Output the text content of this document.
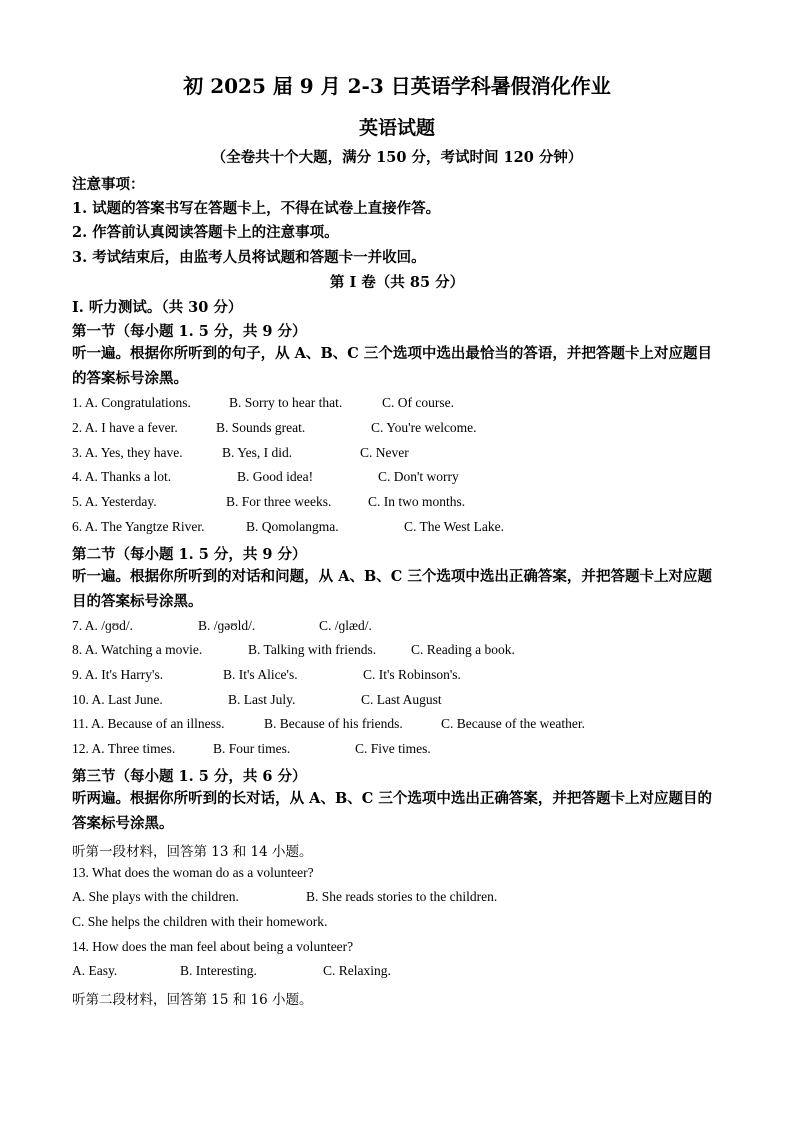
初 2025 届 9 月 2-3 日英语学科暑假消化作业
英语试题
（全卷共十个大题，满分 150 分，考试时间 120 分钟）
注意事项：
1. 试题的答案书写在答题卡上，不得在试卷上直接作答。
2. 作答前认真阅读答题卡上的注意事项。
3. 考试结束后，由监考人员将试题和答题卡一并收回。
第 I 卷（共 85 分）
I. 听力测试。（共 30 分）
第一节（每小题 1. 5 分，共 9 分）
听一遍。根据你所听到的句子，从 A、B、C 三个选项中选出最恰当的答语，并把答题卡上对应题目的答案标号涂黑。
1. A. Congratulations.	B. Sorry to hear that.	C. Of course.
2. A. I have a fever.	B. Sounds great.	C. You're welcome.
3. A. Yes, they have.	B. Yes, I did.	C. Never
4. A. Thanks a lot.	B. Good idea!	C. Don't worry
5. A. Yesterday.	B. For three weeks.	C. In two months.
6. A. The Yangtze River.	B. Qomolangma.	C. The West Lake.
第二节（每小题 1. 5 分，共 9 分）
听一遍。根据你所听到的对话和问题，从 A、B、C 三个选项中选出正确答案，并把答题卡上对应题目的答案标号涂黑。
7. A. /ɡʊd/.	B. /ɡəʊld/.	C. /ɡlæd/.
8. A. Watching a movie.	B. Talking with friends.	C. Reading a book.
9. A. It's Harry's.	B. It's Alice's.	C. It's Robinson's.
10. A. Last June.	B. Last July.	C. Last August
11. A. Because of an illness.	B. Because of his friends.	C. Because of the weather.
12. A. Three times.	B. Four times.	C. Five times.
第三节（每小题 1. 5 分，共 6 分）
听两遍。根据你所听到的长对话，从 A、B、C 三个选项中选出正确答案，并把答题卡上对应题目的答案标号涂黑。
听第一段材料，回答第 13 和 14 小题。
13. What does the woman do as a volunteer?
A. She plays with the children.	B. She reads stories to the children.
C. She helps the children with their homework.
14. How does the man feel about being a volunteer?
A. Easy.	B. Interesting.	C. Relaxing.
听第二段材料，回答第 15 和 16 小题。
